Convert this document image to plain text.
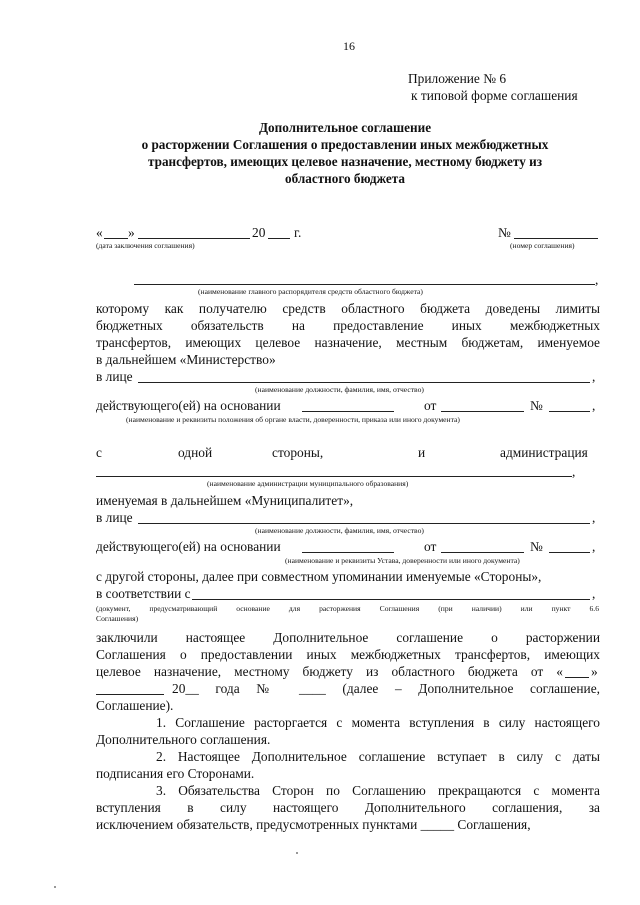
16
Приложение № 6
к типовой форме соглашения
Дополнительное соглашение
о расторжении Соглашения о предоставлении иных межбюджетных
трансфертов, имеющих целевое назначение, местному бюджету из
областного бюджета
« »	20 г.	№
(дата заключения соглашения)	(номер соглашения)
,
(наименование главного распорядителя средств областного бюджета)
которому как получателю средств областного бюджета доведены лимиты
бюджетных обязательств на предоставление иных межбюджетных
трансфертов, имеющих целевое назначение, местным бюджетам, именуемое
в дальнейшем «Министерство»
в лице	,
(наименование должности, фамилия, имя, отчество)
действующего(ей) на основании	от	№	,
(наименование и реквизиты положения об органе власти, доверенности, приказа или иного документа)
с	одной	стороны,	и	администрация
,
(наименование администрации муниципального образования)
именуемая в дальнейшем «Муниципалитет»,
в лице	,
(наименование должности, фамилия, имя, отчество)
действующего(ей) на основании	от	№	,
(наименование и реквизиты Устава, доверенности или иного документа)
с другой стороны, далее при совместном упоминании именуемые «Стороны»,
в соответствии с	,
(документ, предусматривающий основание для расторжения Соглашения (при наличии) или пункт 6.6
Соглашения)
заключили настоящее Дополнительное соглашение о расторжении
Соглашения о предоставлении иных межбюджетных трансфертов, имеющих
целевое назначение, местному бюджету из областного бюджета от « »
20__ года № ____ (далее – Дополнительное соглашение,
Соглашение).
1. Соглашение расторгается с момента вступления в силу настоящего
Дополнительного соглашения.
2. Настоящее Дополнительное соглашение вступает в силу с даты
подписания его Сторонами.
3. Обязательства Сторон по Соглашению прекращаются с момента
вступления в силу настоящего Дополнительного соглашения, за
исключением обязательств, предусмотренных пунктами _____ Соглашения,
